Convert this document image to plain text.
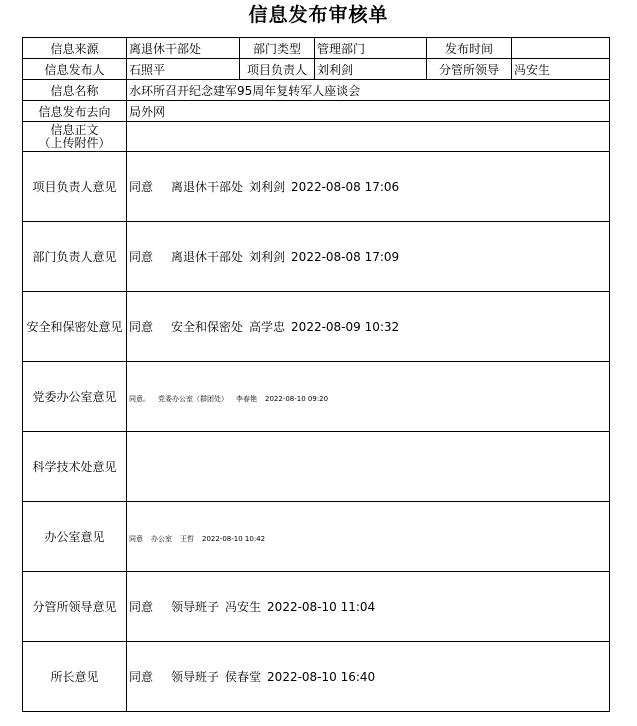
信息发布审核单
信息来源	离退休干部处	部门类型	管理部门	发布时间	
信息发布人	石照平	项目负责人	刘利剑	分管所领导	冯安生
信息名称	水环所召开纪念建军95周年复转军人座谈会				
信息发布去向	局外网				

信息正文
（上传附件）					

项目负责人意见	同意 离退休干部处 刘利剑 2022-08-08 17:06				
部门负责人意见	同意 离退休干部处 刘利剑 2022-08-08 17:09				
安全和保密处意见	同意 安全和保密处 高学忠 2022-08-09 10:32				
党委办公室意见	同意。 党委办公室（群团处） 李春艳 2022-08-10 09:20				
科学技术处意见					
办公室意见	同意 办公室 王哲 2022-08-10 10:42				
分管所领导意见	同意 领导班子 冯安生 2022-08-10 11:04				
所长意见	同意 领导班子 侯春堂 2022-08-10 16:40				
